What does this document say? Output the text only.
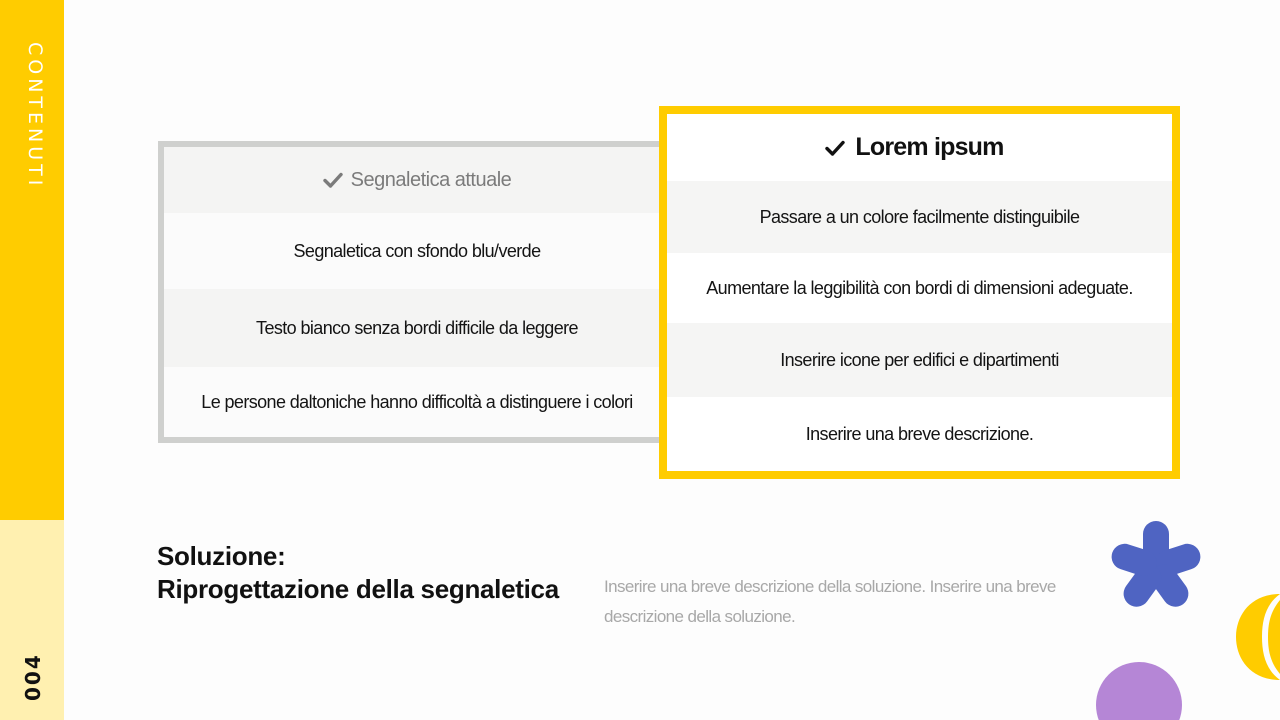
CONTENUTI
004
Segnaletica attuale
Segnaletica con sfondo blu/verde
Testo bianco senza bordi difficile da leggere
Le persone daltoniche hanno difficoltà a distinguere i colori
Lorem ipsum
Passare a un colore facilmente distinguibile
Aumentare la leggibilità con bordi di dimensioni adeguate.
Inserire icone per edifici e dipartimenti
Inserire una breve descrizione.
Soluzione:
Riprogettazione della segnaletica	Inserire una breve descrizione della soluzione. Inserire una breve descrizione della soluzione.
